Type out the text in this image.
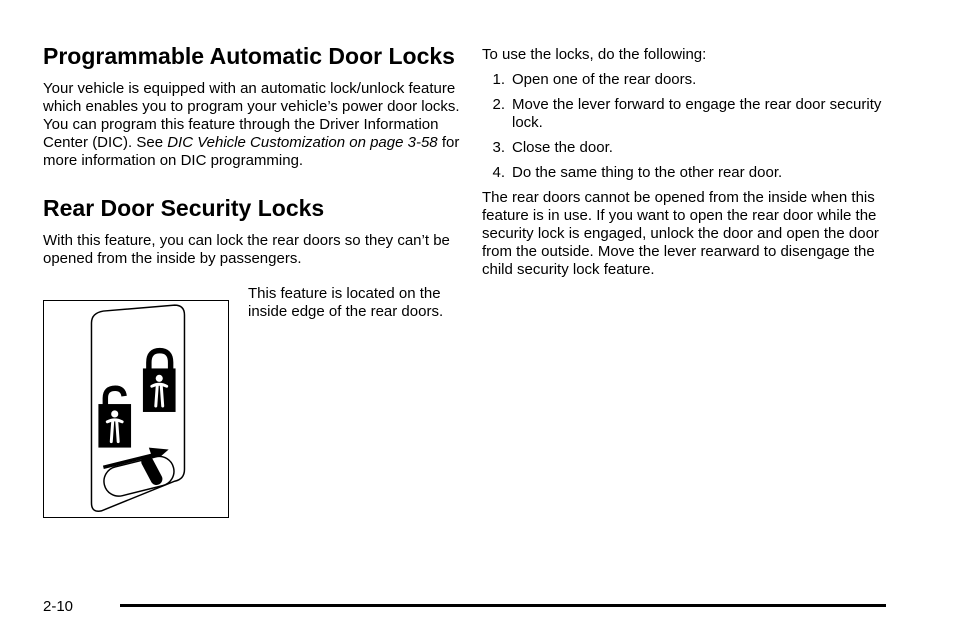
Programmable Automatic Door Locks

Your vehicle is equipped with an automatic lock/unlock feature which enables you to program your vehicle’s power door locks. You can program this feature through the Driver Information Center (DIC). See DIC Vehicle Customization on page 3-58 for more information on DIC programming.

Rear Door Security Locks

With this feature, you can lock the rear doors so they can’t be opened from the inside by passengers.

This feature is located on the inside edge of the rear doors.

To use the locks, do the following:

1. Open one of the rear doors.
2. Move the lever forward to engage the rear door security lock.
3. Close the door.
4. Do the same thing to the other rear door.

The rear doors cannot be opened from the inside when this feature is in use. If you want to open the rear door while the security lock is engaged, unlock the door and open the door from the outside. Move the lever rearward to disengage the child security lock feature.

2-10
